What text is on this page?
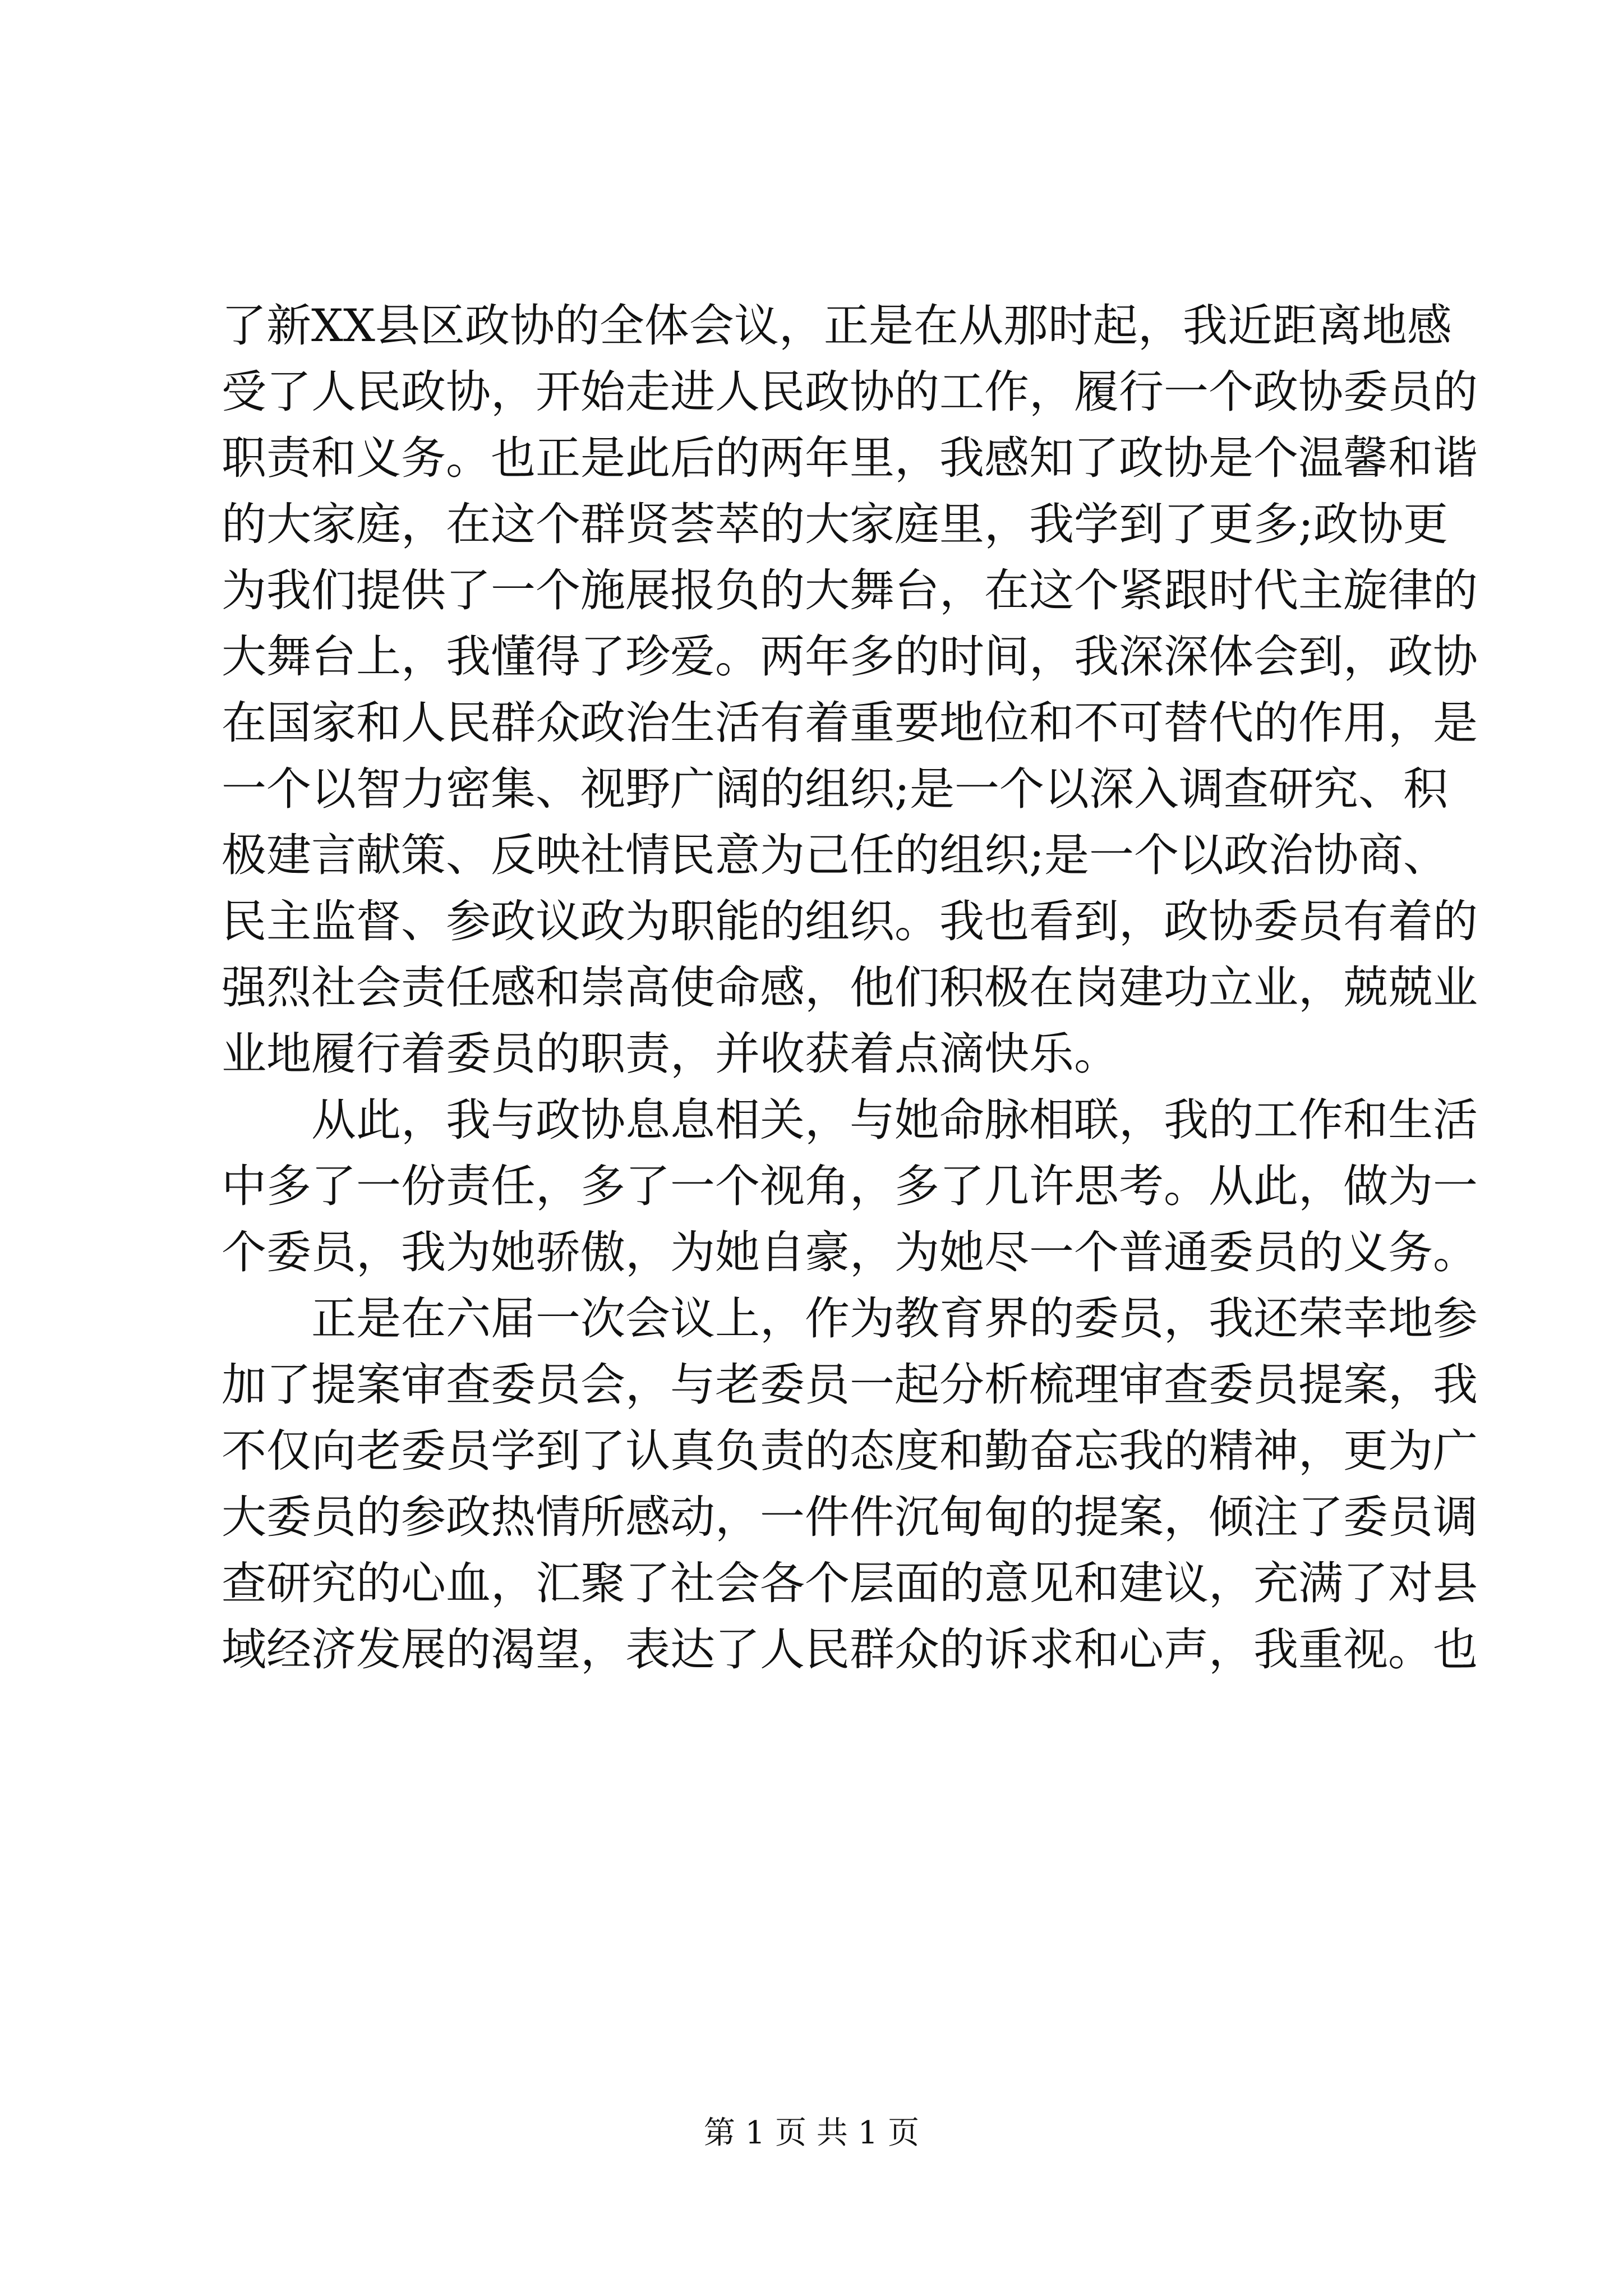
了新XX县区政协的全体会议，正是在从那时起，我近距离地感
受了人民政协，开始走进人民政协的工作，履行一个政协委员的
职责和义务。也正是此后的两年里，我感知了政协是个温馨和谐
的大家庭，在这个群贤荟萃的大家庭里，我学到了更多;政协更
为我们提供了一个施展报负的大舞台，在这个紧跟时代主旋律的
大舞台上，我懂得了珍爱。两年多的时间，我深深体会到，政协
在国家和人民群众政治生活有着重要地位和不可替代的作用，是
一个以智力密集、视野广阔的组织;是一个以深入调查研究、积
极建言献策、反映社情民意为己任的组织;是一个以政治协商、
民主监督、参政议政为职能的组织。我也看到，政协委员有着的
强烈社会责任感和崇高使命感，他们积极在岗建功立业，兢兢业
业地履行着委员的职责，并收获着点滴快乐。
从此，我与政协息息相关，与她命脉相联，我的工作和生活
中多了一份责任，多了一个视角，多了几许思考。从此，做为一
个委员，我为她骄傲，为她自豪，为她尽一个普通委员的义务。
正是在六届一次会议上，作为教育界的委员，我还荣幸地参
加了提案审查委员会，与老委员一起分析梳理审查委员提案，我
不仅向老委员学到了认真负责的态度和勤奋忘我的精神，更为广
大委员的参政热情所感动，一件件沉甸甸的提案，倾注了委员调
查研究的心血，汇聚了社会各个层面的意见和建议，充满了对县
域经济发展的渴望，表达了人民群众的诉求和心声，我重视。也
第 1 页 共 1 页
